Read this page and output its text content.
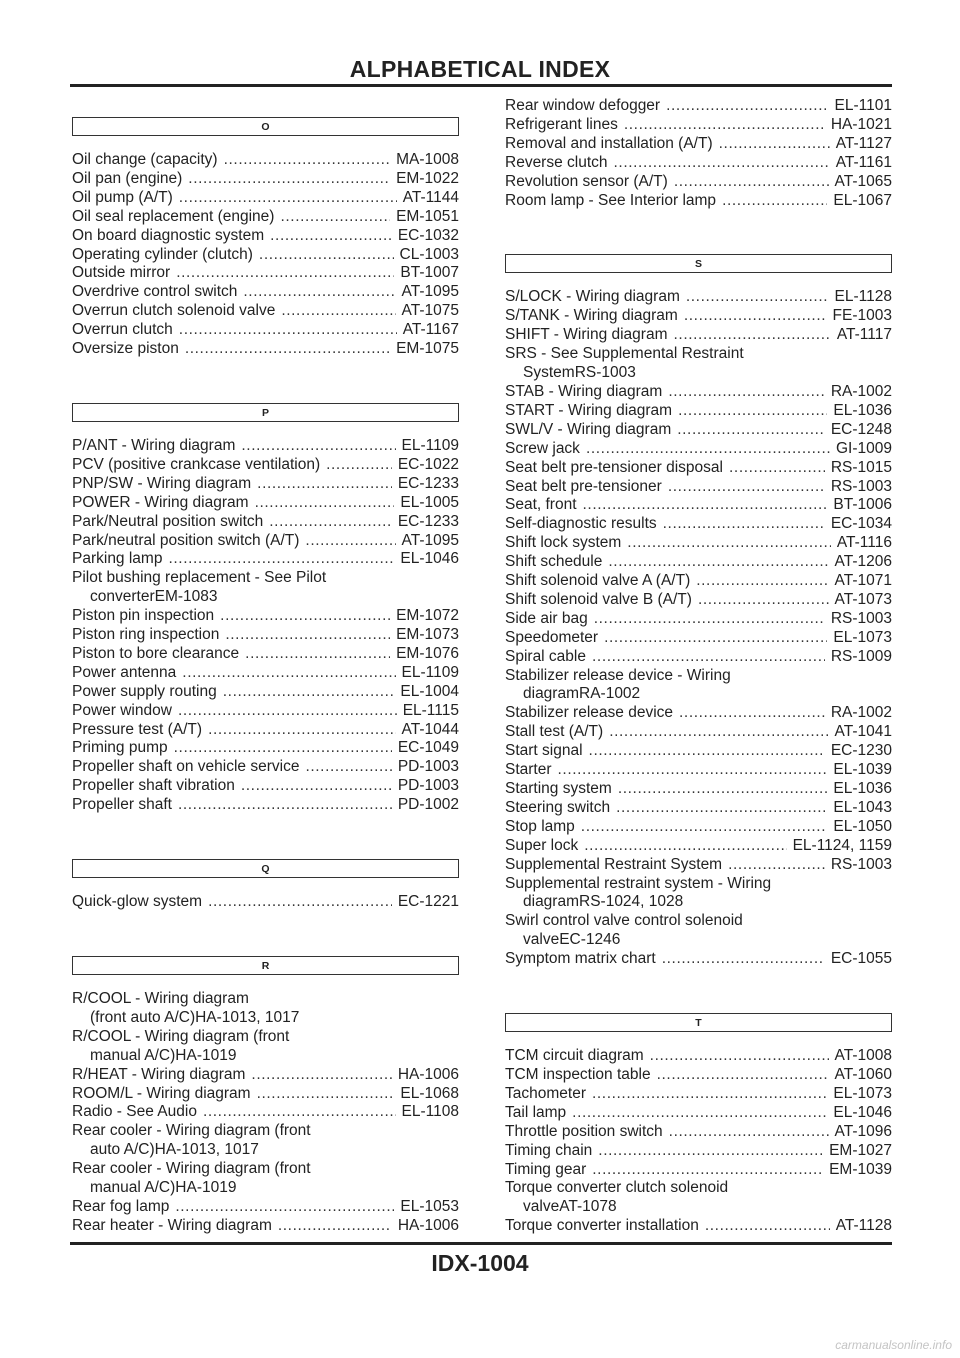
ALPHABETICAL INDEX
O
Oil change (capacity) .....	MA-1008
Oil pan (engine) .....	EM-1022
Oil pump (A/T) .....	AT-1144
Oil seal replacement (engine) .....	EM-1051
On board diagnostic system .....	EC-1032
Operating cylinder (clutch) .....	CL-1003
Outside mirror .....	BT-1007
Overdrive control switch .....	AT-1095
Overrun clutch solenoid valve .....	AT-1075
Overrun clutch .....	AT-1167
Oversize piston .....	EM-1075
P
P/ANT - Wiring diagram .....	EL-1109
PCV (positive crankcase ventilation) .....	EC-1022
PNP/SW - Wiring diagram .....	EC-1233
POWER - Wiring diagram .....	EL-1005
Park/Neutral position switch .....	EC-1233
Park/neutral position switch (A/T) .....	AT-1095
Parking lamp .....	EL-1046
Pilot bushing replacement - See Pilot
converter EM-1083
Piston pin inspection .....	EM-1072
Piston ring inspection .....	EM-1073
Piston to bore clearance .....	EM-1076
Power antenna .....	EL-1109
Power supply routing .....	EL-1004
Power window .....	EL-1115
Pressure test (A/T) .....	AT-1044
Priming pump .....	EC-1049
Propeller shaft on vehicle service .....	PD-1003
Propeller shaft vibration .....	PD-1003
Propeller shaft .....	PD-1002
Q
Quick-glow system .....	EC-1221
R
R/COOL - Wiring diagram
(front auto A/C) HA-1013, 1017
R/COOL - Wiring diagram (front
manual A/C) HA-1019
R/HEAT - Wiring diagram .....	HA-1006
ROOM/L - Wiring diagram .....	EL-1068
Radio - See Audio .....	EL-1108
Rear cooler - Wiring diagram (front
auto A/C) HA-1013, 1017
Rear cooler - Wiring diagram (front
manual A/C) HA-1019
Rear fog lamp .....	EL-1053
Rear heater - Wiring diagram .....	HA-1006
Rear window defogger .....	EL-1101
Refrigerant lines .....	HA-1021
Removal and installation (A/T) .....	AT-1127
Reverse clutch .....	AT-1161
Revolution sensor (A/T) .....	AT-1065
Room lamp - See Interior lamp .....	EL-1067
S
S/LOCK - Wiring diagram .....	EL-1128
S/TANK - Wiring diagram .....	FE-1003
SHIFT - Wiring diagram .....	AT-1117
SRS - See Supplemental Restraint
System RS-1003
STAB - Wiring diagram .....	RA-1002
START - Wiring diagram .....	EL-1036
SWL/V - Wiring diagram .....	EC-1248
Screw jack .....	GI-1009
Seat belt pre-tensioner disposal .....	RS-1015
Seat belt pre-tensioner .....	RS-1003
Seat, front .....	BT-1006
Self-diagnostic results .....	EC-1034
Shift lock system .....	AT-1116
Shift schedule .....	AT-1206
Shift solenoid valve A (A/T) .....	AT-1071
Shift solenoid valve B (A/T) .....	AT-1073
Side air bag .....	RS-1003
Speedometer .....	EL-1073
Spiral cable .....	RS-1009
Stabilizer release device - Wiring
diagram RA-1002
Stabilizer release device .....	RA-1002
Stall test (A/T) .....	AT-1041
Start signal .....	EC-1230
Starter .....	EL-1039
Starting system .....	EL-1036
Steering switch .....	EL-1043
Stop lamp .....	EL-1050
Super lock .....	EL-1124, 1159
Supplemental Restraint System .....	RS-1003
Supplemental restraint system - Wiring
diagram RS-1024, 1028
Swirl control valve control solenoid
valve EC-1246
Symptom matrix chart .....	EC-1055
T
TCM circuit diagram .....	AT-1008
TCM inspection table .....	AT-1060
Tachometer .....	EL-1073
Tail lamp .....	EL-1046
Throttle position switch .....	AT-1096
Timing chain .....	EM-1027
Timing gear .....	EM-1039
Torque converter clutch solenoid
valve AT-1078
Torque converter installation .....	AT-1128
IDX-1004
carmanualsonline.info
